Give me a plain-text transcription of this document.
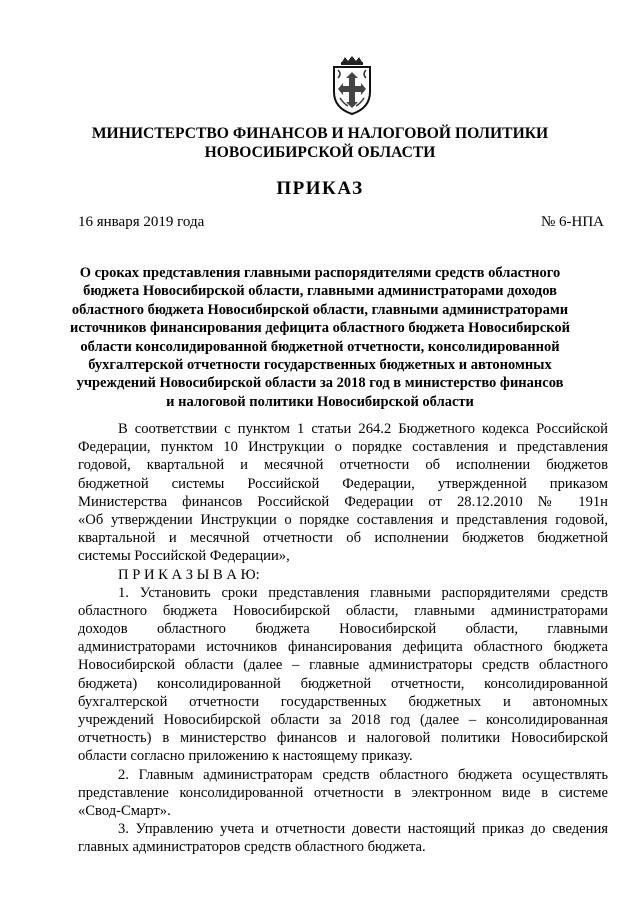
МИНИСТЕРСТВО ФИНАНСОВ И НАЛОГОВОЙ ПОЛИТИКИ
НОВОСИБИРСКОЙ ОБЛАСТИ
ПРИКАЗ
16 января 2019 года	№ 6-НПА
О сроках представления главными распорядителями средств областного
бюджета Новосибирской области, главными администраторами доходов
областного бюджета Новосибирской области, главными администраторами
источников финансирования дефицита областного бюджета Новосибирской
области консолидированной бюджетной отчетности, консолидированной
бухгалтерской отчетности государственных бюджетных и автономных
учреждений Новосибирской области за 2018 год в министерство финансов
и налоговой политики Новосибирской области
В соответствии с пунктом 1 статьи 264.2 Бюджетного кодекса Российской
Федерации, пунктом 10 Инструкции о порядке составления и представления
годовой, квартальной и месячной отчетности об исполнении бюджетов
бюджетной системы Российской Федерации, утвержденной приказом
Министерства финансов Российской Федерации от 28.12.2010 № 191н
«Об утверждении Инструкции о порядке составления и представления годовой,
квартальной и месячной отчетности об исполнении бюджетов бюджетной
системы Российской Федерации»,
П Р И К А З Ы В А Ю:
1. Установить сроки представления главными распорядителями средств
областного бюджета Новосибирской области, главными администраторами
доходов областного бюджета Новосибирской области, главными
администраторами источников финансирования дефицита областного бюджета
Новосибирской области (далее – главные администраторы средств областного
бюджета) консолидированной бюджетной отчетности, консолидированной
бухгалтерской отчетности государственных бюджетных и автономных
учреждений Новосибирской области за 2018 год (далее – консолидированная
отчетность) в министерство финансов и налоговой политики Новосибирской
области согласно приложению к настоящему приказу.
2. Главным администраторам средств областного бюджета осуществлять
представление консолидированной отчетности в электронном виде в системе
«Свод-Смарт».
3. Управлению учета и отчетности довести настоящий приказ до сведения
главных администраторов средств областного бюджета.
